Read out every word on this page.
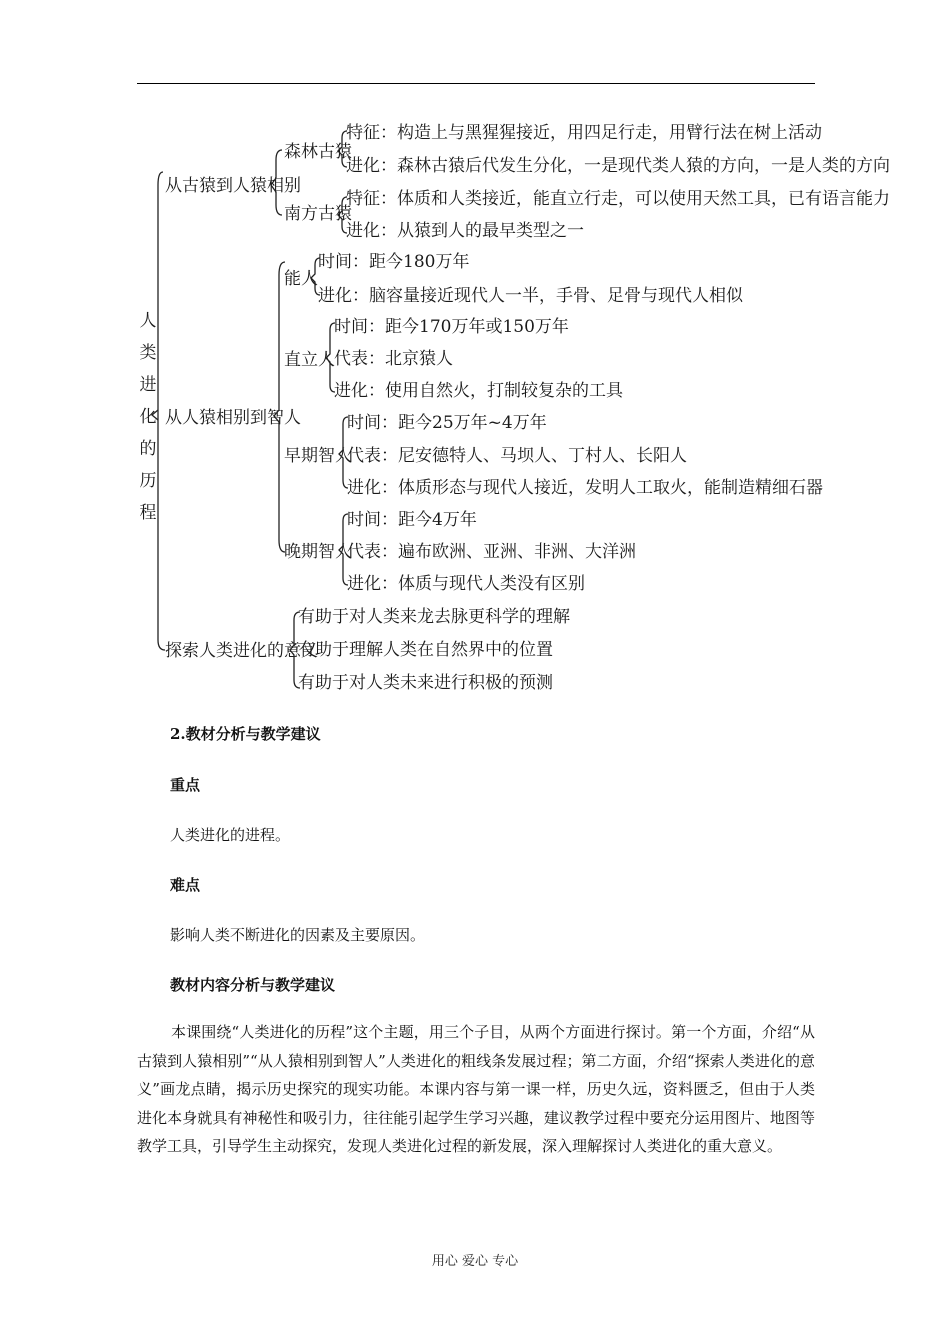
人类进化的历程
从古猿到人猿相别
森林古猿
特征：构造上与黑猩猩接近，用四足行走，用臂行法在树上活动
进化：森林古猿后代发生分化，一是现代类人猿的方向，一是人类的方向
南方古猿
特征：体质和人类接近，能直立行走，可以使用天然工具，已有语言能力
进化：从猿到人的最早类型之一
从人猿相别到智人
能人
时间：距今180万年
进化：脑容量接近现代人一半，手骨、足骨与现代人相似
直立人
时间：距今170万年或150万年
代表：北京猿人
进化：使用自然火，打制较复杂的工具
早期智人
时间：距今25万年~4万年
代表：尼安德特人、马坝人、丁村人、长阳人
进化：体质形态与现代人接近，发明人工取火，能制造精细石器
晚期智人
时间：距今4万年
代表：遍布欧洲、亚洲、非洲、大洋洲
进化：体质与现代人类没有区别
探索人类进化的意义
有助于对人类来龙去脉更科学的理解
有助于理解人类在自然界中的位置
有助于对人类未来进行积极的预测
2.教材分析与教学建议
重点
人类进化的进程。
难点
影响人类不断进化的因素及主要原因。
教材内容分析与教学建议
本课围绕“人类进化的历程”这个主题，用三个子目，从两个方面进行探讨。第一个方面，介绍“从古猿到人猿相别”“从人猿相别到智人”人类进化的粗线条发展过程；第二方面，介绍“探索人类进化的意义”画龙点睛，揭示历史探究的现实功能。本课内容与第一课一样，历史久远，资料匮乏，但由于人类进化本身就具有神秘性和吸引力，往往能引起学生学习兴趣，建议教学过程中要充分运用图片、地图等教学工具，引导学生主动探究，发现人类进化过程的新发展，深入理解探讨人类进化的重大意义。
用心 爱心 专心
